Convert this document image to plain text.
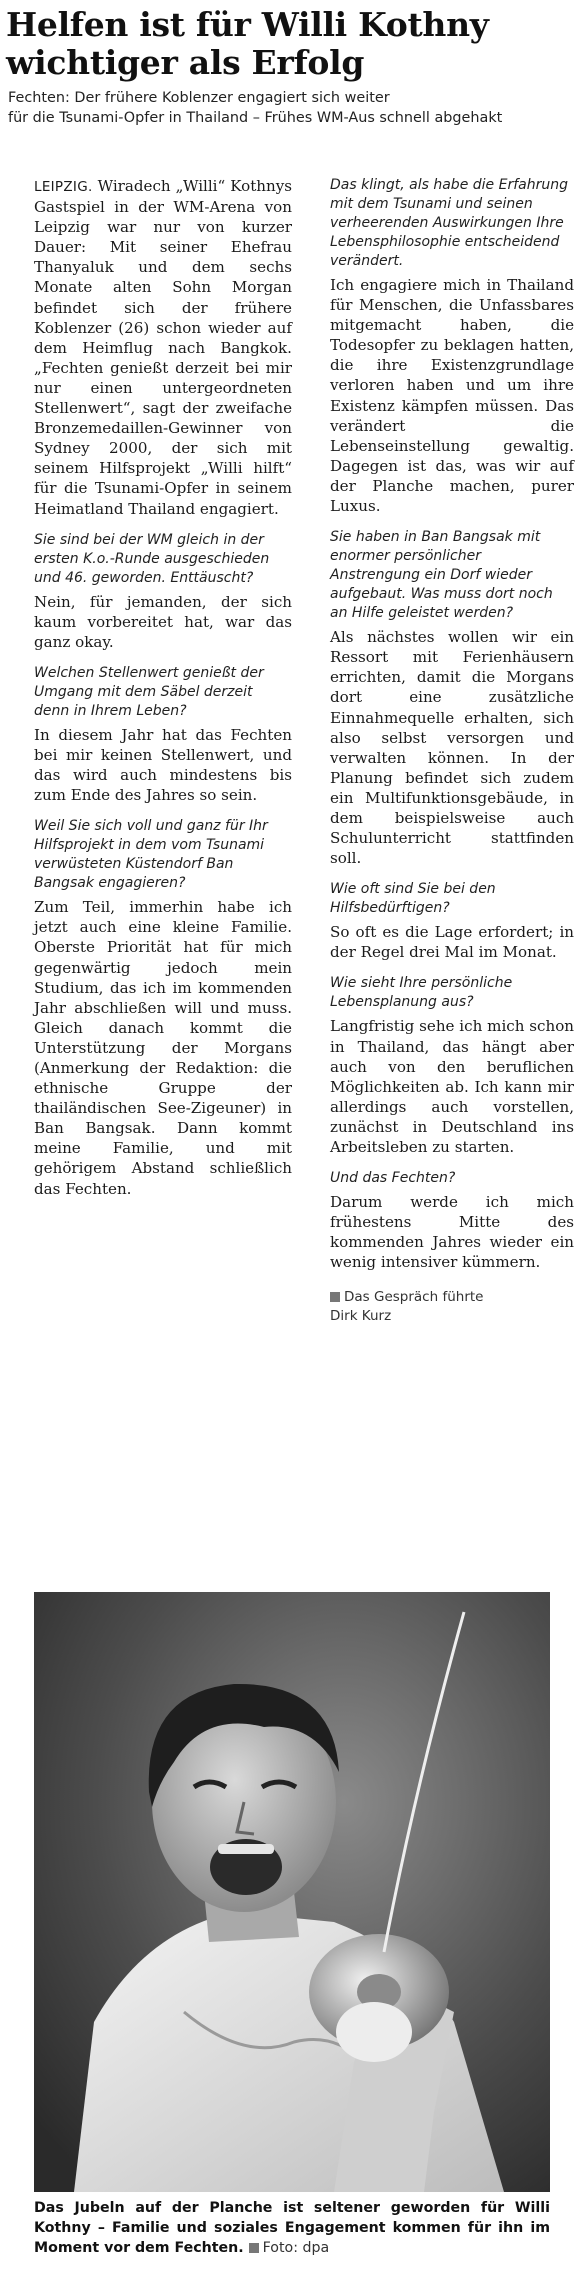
Helfen ist für Willi Kothny
wichtiger als Erfolg
Fechten: Der frühere Koblenzer engagiert sich weiter
für die Tsunami-Opfer in Thailand – Frühes WM-Aus schnell abgehakt

LEIPZIG. Wiradech „Willi“ Kothnys Gastspiel in der WM-Arena von Leipzig war nur von kurzer Dauer: Mit seiner Ehefrau Thanyaluk und dem sechs Monate alten Sohn Morgan befindet sich der frühere Koblenzer (26) schon wieder auf dem Heimflug nach Bangkok. „Fechten genießt derzeit bei mir nur einen untergeordneten Stellenwert“, sagt der zweifache Bronzemedaillen-Gewinner von Sydney 2000, der sich mit seinem Hilfsprojekt „Willi hilft“ für die Tsunami-Opfer in seinem Heimatland Thailand engagiert.

Sie sind bei der WM gleich in der ersten K.o.-Runde ausgeschieden und 46. geworden. Enttäuscht?

Nein, für jemanden, der sich kaum vorbereitet hat, war das ganz okay.

Welchen Stellenwert genießt der Umgang mit dem Säbel derzeit denn in Ihrem Leben?

In diesem Jahr hat das Fechten bei mir keinen Stellenwert, und das wird auch mindestens bis zum Ende des Jahres so sein.

Weil Sie sich voll und ganz für Ihr Hilfsprojekt in dem vom Tsunami verwüsteten Küstendorf Ban Bangsak engagieren?

Zum Teil, immerhin habe ich jetzt auch eine kleine Familie. Oberste Priorität hat für mich gegenwärtig jedoch mein Studium, das ich im kommenden Jahr abschließen will und muss. Gleich danach kommt die Unterstützung der Morgans (Anmerkung der Redaktion: die ethnische Gruppe der thailändischen See-Zigeuner) in Ban Bangsak. Dann kommt meine Familie, und mit gehörigem Abstand schließlich das Fechten.

Das klingt, als habe die Erfahrung mit dem Tsunami und seinen verheerenden Auswirkungen Ihre Lebensphilosophie entscheidend verändert.

Ich engagiere mich in Thailand für Menschen, die Unfassbares mitgemacht haben, die Todesopfer zu beklagen hatten, die ihre Existenzgrundlage verloren haben und um ihre Existenz kämpfen müssen. Das verändert die Lebenseinstellung gewaltig. Dagegen ist das, was wir auf der Planche machen, purer Luxus.

Sie haben in Ban Bangsak mit enormer persönlicher Anstrengung ein Dorf wieder aufgebaut. Was muss dort noch an Hilfe geleistet werden?

Als nächstes wollen wir ein Ressort mit Ferienhäusern errichten, damit die Morgans dort eine zusätzliche Einnahmequelle erhalten, sich also selbst versorgen und verwalten können. In der Planung befindet sich zudem ein Multifunktionsgebäude, in dem beispielsweise auch Schulunterricht stattfinden soll.

Wie oft sind Sie bei den Hilfsbedürftigen?

So oft es die Lage erfordert; in der Regel drei Mal im Monat.

Wie sieht Ihre persönliche Lebensplanung aus?

Langfristig sehe ich mich schon in Thailand, das hängt aber auch von den beruflichen Möglichkeiten ab. Ich kann mir allerdings auch vorstellen, zunächst in Deutschland ins Arbeitsleben zu starten.

Und das Fechten?

Darum werde ich mich frühestens Mitte des kommenden Jahres wieder ein wenig intensiver kümmern.

Das Gespräch führte
Dirk Kurz
Das Jubeln auf der Planche ist seltener geworden für Willi Kothny – Familie und soziales Engagement kommen für ihn im Moment vor dem Fechten. Foto: dpa
